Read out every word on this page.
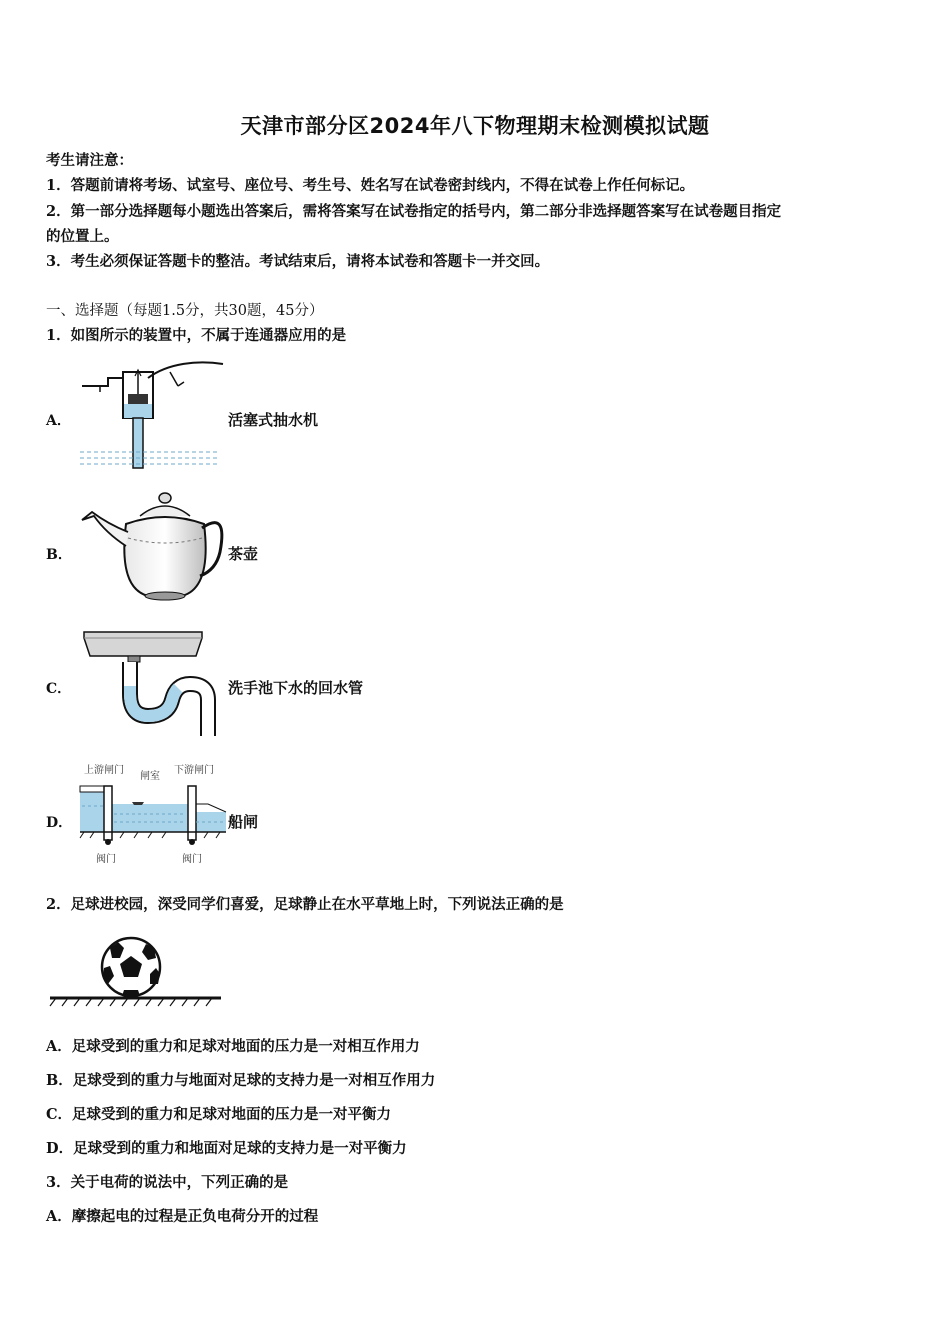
天津市部分区2024年八下物理期末检测模拟试题
考生请注意：
1．答题前请将考场、试室号、座位号、考生号、姓名写在试卷密封线内，不得在试卷上作任何标记。
2．第一部分选择题每小题选出答案后，需将答案写在试卷指定的括号内，第二部分非选择题答案写在试卷题目指定
的位置上。
3．考生必须保证答题卡的整洁。考试结束后，请将本试卷和答题卡一并交回。
一、选择题（每题1.5分，共30题，45分）
1．如图所示的装置中，不属于连通器应用的是
A．	活塞式抽水机
B．	茶壶
C．	洗手池下水的回水管
D．
上游闸门
闸室
下游闸门
阀门	阀门
船闸
2．足球进校园，深受同学们喜爱，足球静止在水平草地上时，下列说法正确的是
A．足球受到的重力和足球对地面的压力是一对相互作用力
B．足球受到的重力与地面对足球的支持力是一对相互作用力
C．足球受到的重力和足球对地面的压力是一对平衡力
D．足球受到的重力和地面对足球的支持力是一对平衡力
3．关于电荷的说法中，下列正确的是
A．摩擦起电的过程是正负电荷分开的过程
